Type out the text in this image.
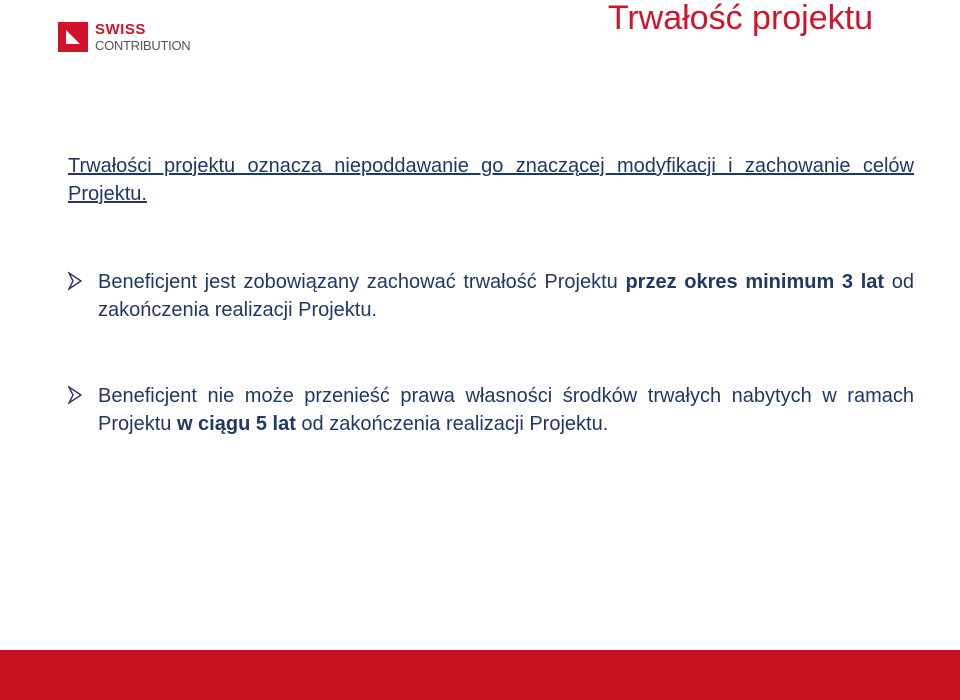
SWISS
CONTRIBUTION
Trwałość projektu
Trwałości projektu oznacza niepoddawanie go znaczącej modyfikacji i zachowanie celów Projektu.
Beneficjent jest zobowiązany zachować trwałość Projektu przez okres minimum 3 lat od zakończenia realizacji Projektu.
Beneficjent nie może przenieść prawa własności środków trwałych nabytych w ramach Projektu w ciągu 5 lat od zakończenia realizacji Projektu.
